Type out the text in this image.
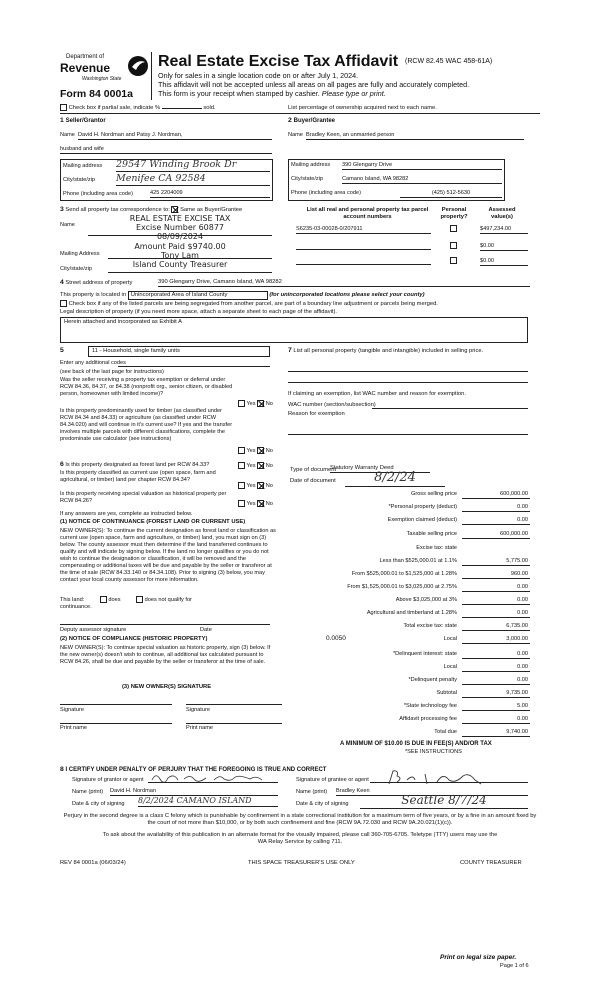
Department of
Revenue
Washington State
Form 84 0001a
Real Estate Excise Tax Affidavit (RCW 82.45 WAC 458-61A)
Only for sales in a single location code on or after July 1, 2024.
This affidavit will not be accepted unless all areas on all pages are fully and accurately completed.
This form is your receipt when stamped by cashier. Please type or print.
Check box if partial sale, indicate %	sold.	List percentage of ownership acquired next to each name.
1 Seller/Grantor
Name David H. Nordman and Patsy J. Nordman,
husband and wife
Mailing address 29547 Winding Brook Dr
City/state/zip Menifee CA 92584
Phone (including area code)	425 2204009
2 Buyer/Grantee
Name Bradley Keen, an unmarried person
Mailing address 390 Glengarry Drive
City/state/zip	Camano Island, WA 98282
Phone (including area code)	(425) 512-5630
3 Send all property tax correspondence to: Same as Buyer/Grantee
Name
REAL ESTATE EXCISE TAX
Excise Number 60877
08/09/2024
Amount Paid $9740.00
Tony Lam
Island County Treasurer
Mailing Address
City/state/zip
List all real and personal property tax parcel account numbers
Personal property?
Assessed value(s)
S6235-03-00028-0/207911	$497,234.00
$0.00
$0.00
4 Street address of property	390 Glengarry Drive, Camano Island, WA 98282
This property is located in Unincorporated Area of Island County	(for unincorporated locations please select your county)
Check box if any of the listed parcels are being segregated from another parcel, are part of a boundary line adjustment or parcels being merged.
Legal description of property (if you need more space, attach a separate sheet to each page of the affidavit).
Herein attached and incorporated as Exhibit A
5	11 - Household, single family units
Enter any additional codes
(see back of the last page for instructions)
Was the seller receiving a property tax exemption or deferral under RCW 84.36, 84.37, or 84.38 (nonprofit org., senior citizen, or disabled person, homeowner with limited income)?
Yes No
Is this property predominantly used for timber (as classified under RCW 84.34 and 84.33) or agriculture (as classified under RCW 84.34.020) and will continue in it's current use? If yes and the transfer involves multiple parcels with different classifications, complete the predominate use calculator (see instructions)
Yes No
7 List all personal property (tangible and intangible) included in selling price.
If claiming an exemption, list WAC number and reason for exemption.
WAC number (section/subsection)
Reason for exemption
6 Is this property designated as forest land per RCW 84.33?	Yes No
Is this property classified as current use (open space, farm and agricultural, or timber) land per chapter RCW 84.34?
Yes No
Is this property receiving special valuation as historical property per RCW 84.26?	Yes No
If any answers are yes, complete as instructed below.
(1) NOTICE OF CONTINUANCE (FOREST LAND OR CURRENT USE)
NEW OWNER(S): To continue the current designation as forest land or classification as current use (open space, farm and agriculture, or timber) land, you must sign on (3) below. The county assessor must then determine if the land transferred continues to qualify and will indicate by signing below. If the land no longer qualifies or you do not wish to continue the designation or classification, it will be removed and the compensating or additional taxes will be due and payable by the seller or transferor at the time of sale (RCW 84.33.140 or 84.34.108). Prior to signing (3) below, you may contact your local county assessor for more information.
This land:	does	does not qualify for
continuance.
Deputy assessor signature	Date
(2) NOTICE OF COMPLIANCE (HISTORIC PROPERTY)
NEW OWNER(S): To continue special valuation as historic property, sign (3) below. If the new owner(s) doesn't wish to continue, all additional tax calculated pursuant to RCW 84.26, shall be due and payable by the seller or transferor at the time of sale.
(3) NEW OWNER(S) SIGNATURE
Signature	Signature
Print name	Print name
Type of document
Statutory Warranty Deed
Date of document	8/2/24
Gross selling price	600,000.00
*Personal property (deduct)	0.00
Exemption claimed (deduct)	0.00
Taxable selling price	600,000.00
Excise tax: state
Less than $525,000.01 at 1.1%	5,775.00
From $525,000.01 to $1,525,000 at 1.28%	960.00
From $1,525,000.01 to $3,025,000 at 2.75%	0.00
Above $3,025,000 at 3%	0.00
Agricultural and timberland at 1.28%	0.00
Total excise tax: state	6,735.00
0.0050	Local	3,000.00
*Delinquent interest: state	0.00
Local	0.00
*Delinquent penalty	0.00
Subtotal	9,735.00
*State technology fee	5.00
Affidavit processing fee	0.00
Total due	9,740.00
A MINIMUM OF $10.00 IS DUE IN FEE(S) AND/OR TAX
*SEE INSTRUCTIONS
8 I CERTIFY UNDER PENALTY OF PERJURY THAT THE FOREGOING IS TRUE AND CORRECT
Signature of grantor or agent	Signature of grantee or agent
Name (print) David H. Nordman	Name (print) Bradley Keen
Date & city of signing 8/2/2024 CAMANO ISLAND	Date & city of signing	Seattle 8/7/24
Perjury in the second degree is a class C felony which is punishable by confinement in a state correctional institution for a maximum term of five years, or by a fine in an amount fixed by the court of not more than $10,000, or by both such confinement and fine (RCW 9A.72.030 and RCW 9A.20.021(1)(c)).
To ask about the availability of this publication in an alternate format for the visually impaired, please call 360-705-6705. Teletype (TTY) users may use the WA Relay Service by calling 711.
REV 84 0001a (06/03/24)	THIS SPACE TREASURER'S USE ONLY	COUNTY TREASURER
Print on legal size paper.
Page 1 of 6
